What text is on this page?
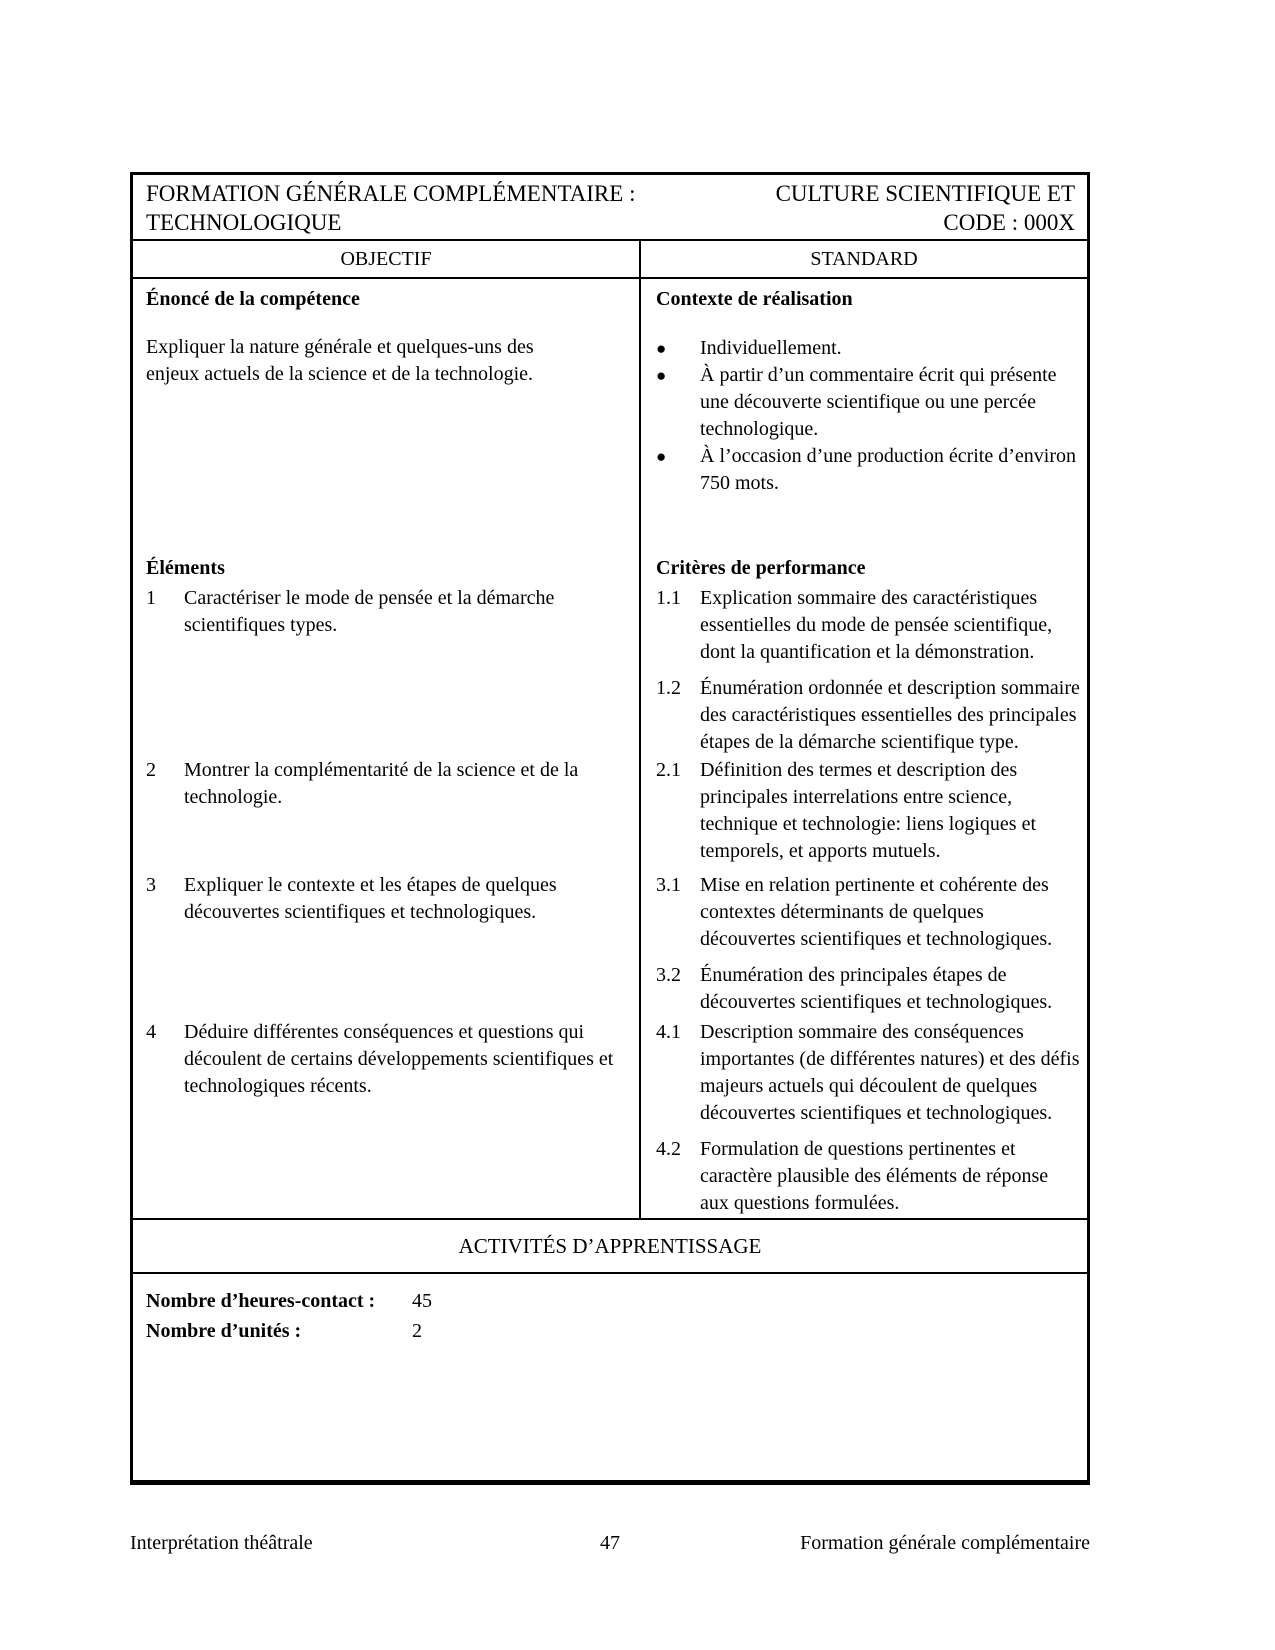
FORMATION GÉNÉRALE COMPLÉMENTAIRE :	CULTURE SCIENTIFIQUE ET
TECHNOLOGIQUE	CODE : 000X
OBJECTIF	STANDARD
Énoncé de la compétence
Expliquer la nature générale et quelques-uns des enjeux actuels de la science et de la technologie.
Contexte de réalisation
●	Individuellement.
●	À partir d’un commentaire écrit qui présente une découverte scientifique ou une percée technologique.
●	À l’occasion d’une production écrite d’environ 750 mots.
Éléments	Critères de performance
1	Caractériser le mode de pensée et la démarche scientifiques types.
1.1 Explication sommaire des caractéristiques essentielles du mode de pensée scientifique, dont la quantification et la démonstration.
1.2 Énumération ordonnée et description sommaire des caractéristiques essentielles des principales étapes de la démarche scientifique type.
2	Montrer la complémentarité de la science et de la technologie.
2.1 Définition des termes et description des principales interrelations entre science, technique et technologie: liens logiques et temporels, et apports mutuels.
3	Expliquer le contexte et les étapes de quelques découvertes scientifiques et technologiques.
3.1 Mise en relation pertinente et cohérente des contextes déterminants de quelques découvertes scientifiques et technologiques.
3.2 Énumération des principales étapes de découvertes scientifiques et technologiques.
4	Déduire différentes conséquences et questions qui découlent de certains développements scientifiques et technologiques récents.
4.1 Description sommaire des conséquences importantes (de différentes natures) et des défis majeurs actuels qui découlent de quelques découvertes scientifiques et technologiques.
4.2 Formulation de questions pertinentes et caractère plausible des éléments de réponse aux questions formulées.
ACTIVITÉS D’APPRENTISSAGE
Nombre d’heures-contact : 45
Nombre d’unités :	2
Interprétation théâtrale	47	Formation générale complémentaire
